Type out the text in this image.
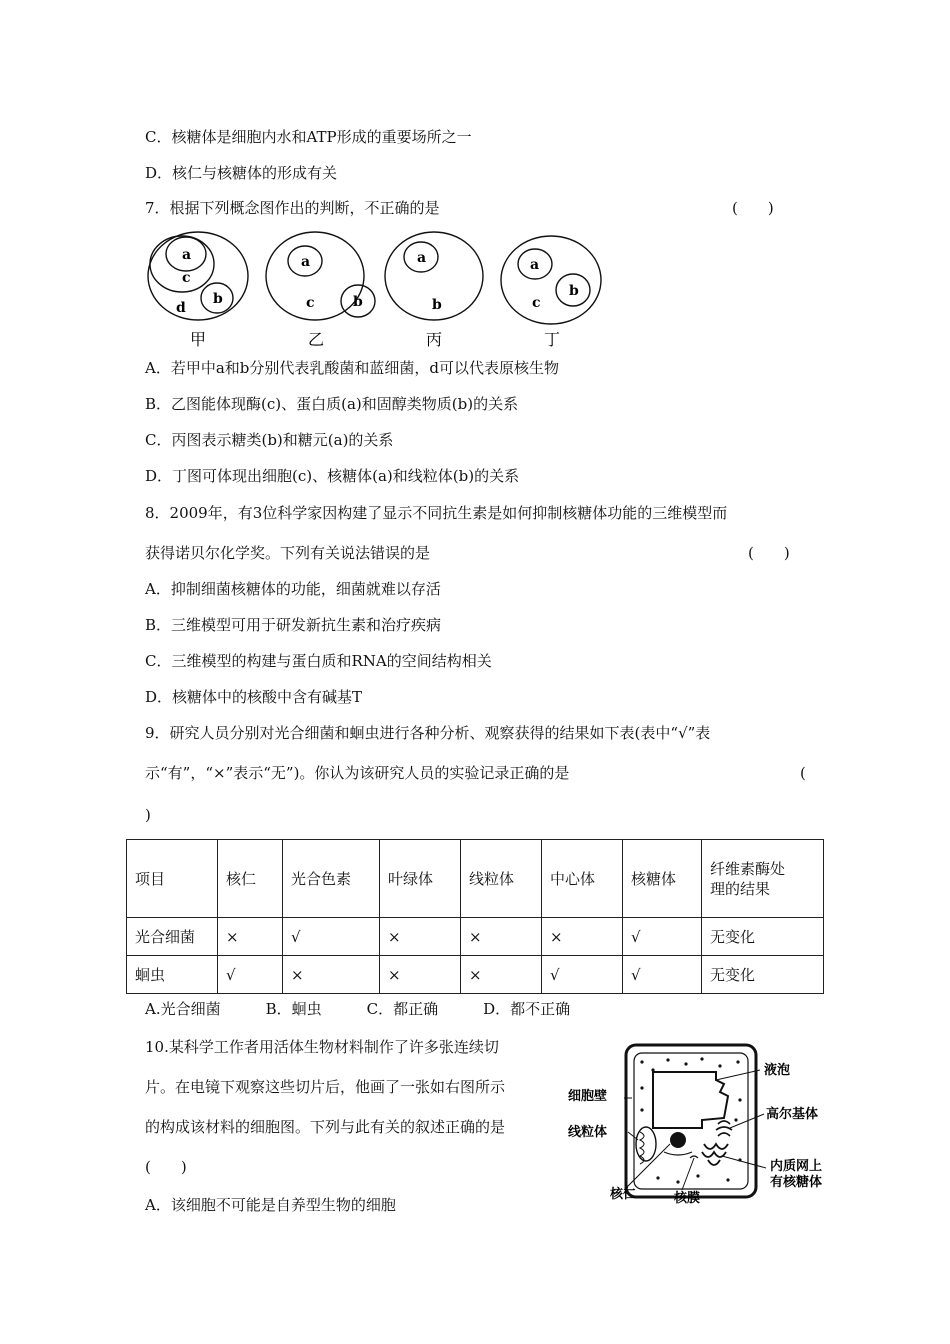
C．核糖体是细胞内水和ATP形成的重要场所之一
D．核仁与核糖体的形成有关
7．根据下列概念图作出的判断，不正确的是	(　　)
a
c
d
b
甲
a
c	b
乙
a
b
丙
a
c
b
丁
A．若甲中a和b分别代表乳酸菌和蓝细菌，d可以代表原核生物
B．乙图能体现酶(c)、蛋白质(a)和固醇类物质(b)的关系
C．丙图表示糖类(b)和糖元(a)的关系
D．丁图可体现出细胞(c)、核糖体(a)和线粒体(b)的关系
8．2009年，有3位科学家因构建了显示不同抗生素是如何抑制核糖体功能的三维模型而
获得诺贝尔化学奖。下列有关说法错误的是	(　　)
A．抑制细菌核糖体的功能，细菌就难以存活
B．三维模型可用于研发新抗生素和治疗疾病
C．三维模型的构建与蛋白质和RNA的空间结构相关
D．核糖体中的核酸中含有碱基T
9．研究人员分别对光合细菌和蛔虫进行各种分析、观察获得的结果如下表(表中“√”表
示“有”，“×”表示“无”)。你认为该研究人员的实验记录正确的是	(
)
项目	核仁	光合色素	叶绿体	线粒体	中心体	核糖体	纤维素酶处
理的结果

光合细菌	×	√	×	×	×	√	无变化
蛔虫	√	×	×	×	√	√	无变化
A.光合细菌　　　B．蛔虫　　　C．都正确　　　D．都不正确
10.某科学工作者用活体生物材料制作了许多张连续切
片。在电镜下观察这些切片后，他画了一张如右图所示
的构成该材料的细胞图。下列与此有关的叙述正确的是
(　　)
A．该细胞不可能是自养型生物的细胞
液泡
细胞壁
高尔基体
线粒体
内质网上
有核糖体
核仁	核膜
